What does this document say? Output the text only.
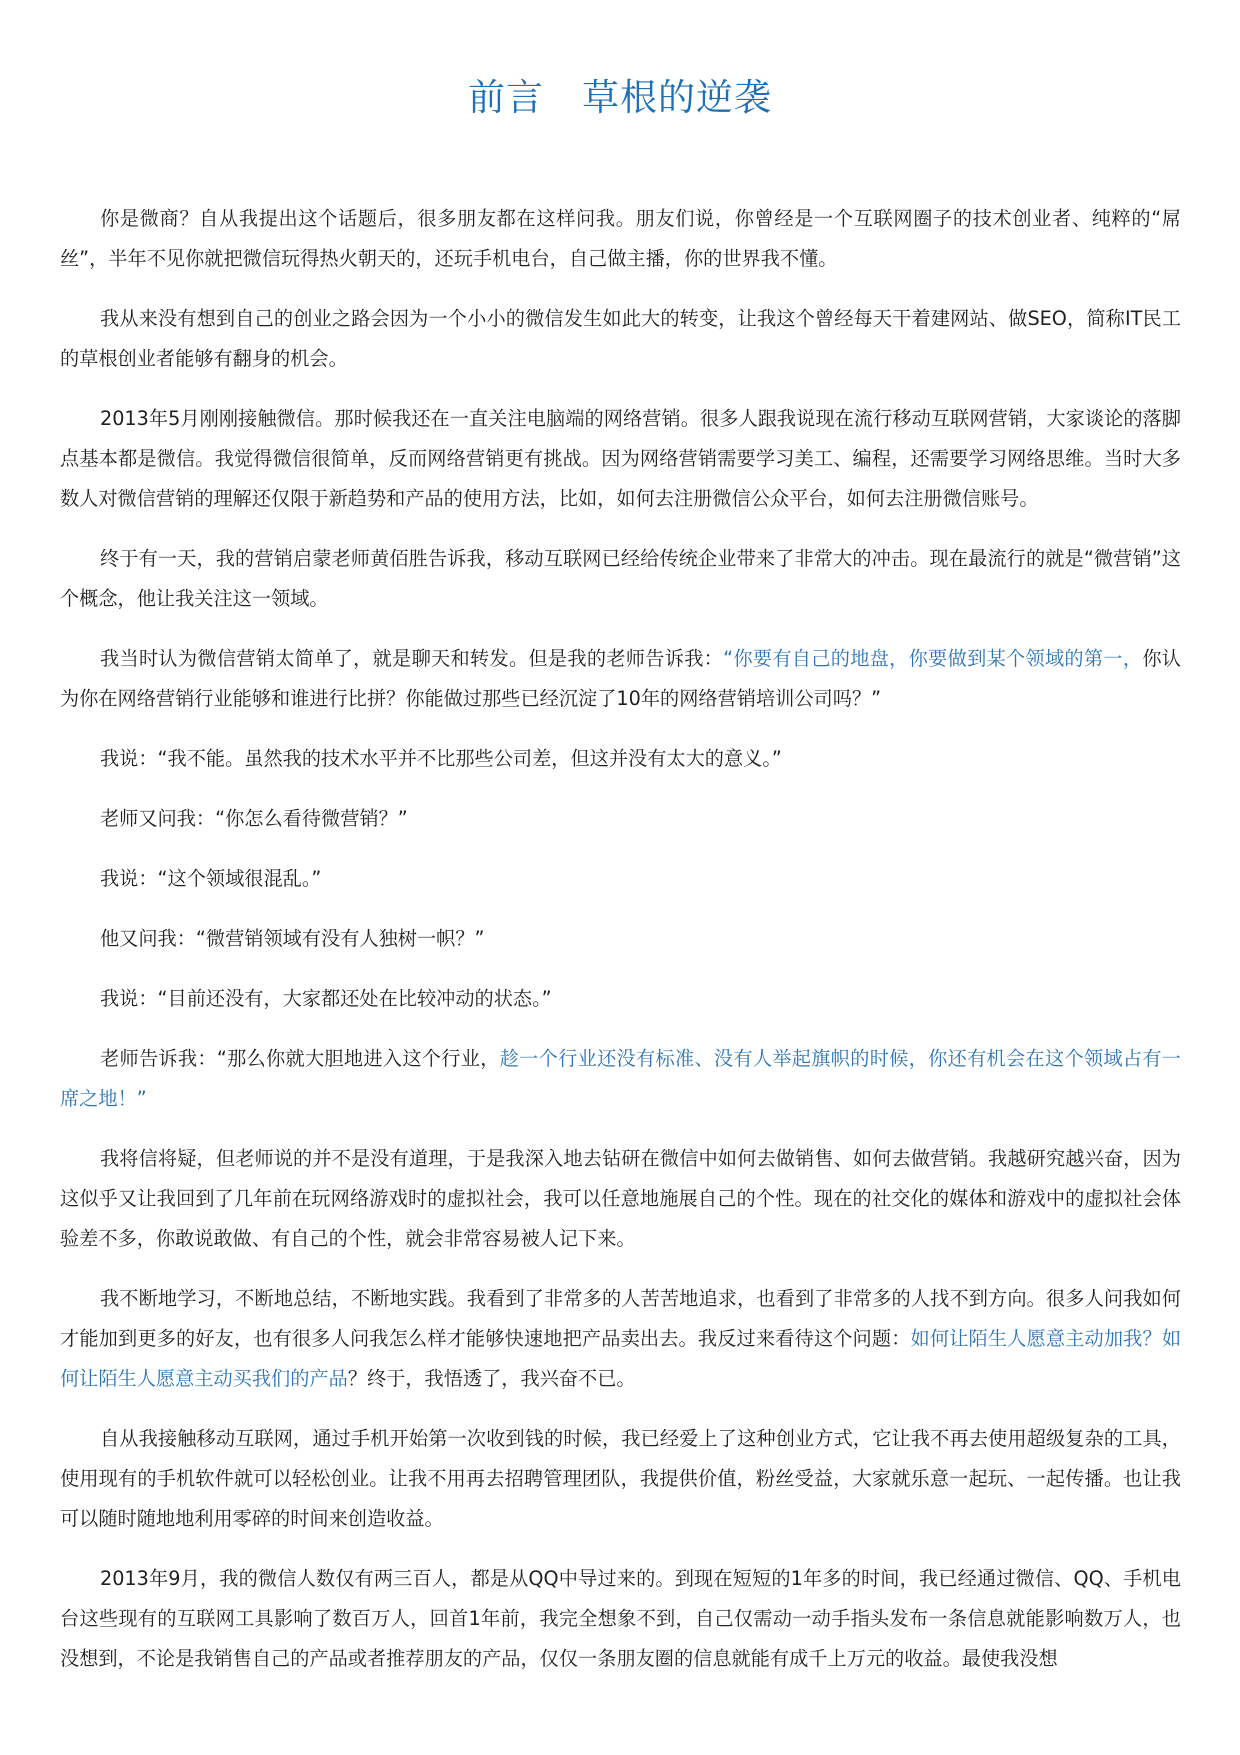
前言　草根的逆袭

你是微商？自从我提出这个话题后，很多朋友都在这样问我。朋友们说，你曾经是一个互联网圈子的技术创业者、纯粹的“屌丝”，半年不见你就把微信玩得热火朝天的，还玩手机电台，自己做主播，你的世界我不懂。

我从来没有想到自己的创业之路会因为一个小小的微信发生如此大的转变，让我这个曾经每天干着建网站、做SEO，简称IT民工的草根创业者能够有翻身的机会。

2013年5月刚刚接触微信。那时候我还在一直关注电脑端的网络营销。很多人跟我说现在流行移动互联网营销，大家谈论的落脚点基本都是微信。我觉得微信很简单，反而网络营销更有挑战。因为网络营销需要学习美工、编程，还需要学习网络思维。当时大多数人对微信营销的理解还仅限于新趋势和产品的使用方法，比如，如何去注册微信公众平台，如何去注册微信账号。

终于有一天，我的营销启蒙老师黄佰胜告诉我，移动互联网已经给传统企业带来了非常大的冲击。现在最流行的就是“微营销”这个概念，他让我关注这一领域。

我当时认为微信营销太简单了，就是聊天和转发。但是我的老师告诉我：“你要有自己的地盘，你要做到某个领域的第一，你认为你在网络营销行业能够和谁进行比拼？你能做过那些已经沉淀了10年的网络营销培训公司吗？”

我说：“我不能。虽然我的技术水平并不比那些公司差，但这并没有太大的意义。”

老师又问我：“你怎么看待微营销？”

我说：“这个领域很混乱。”

他又问我：“微营销领域有没有人独树一帜？”

我说：“目前还没有，大家都还处在比较冲动的状态。”

老师告诉我：“那么你就大胆地进入这个行业，趁一个行业还没有标准、没有人举起旗帜的时候，你还有机会在这个领域占有一席之地！”

我将信将疑，但老师说的并不是没有道理，于是我深入地去钻研在微信中如何去做销售、如何去做营销。我越研究越兴奋，因为这似乎又让我回到了几年前在玩网络游戏时的虚拟社会，我可以任意地施展自己的个性。现在的社交化的媒体和游戏中的虚拟社会体验差不多，你敢说敢做、有自己的个性，就会非常容易被人记下来。

我不断地学习，不断地总结，不断地实践。我看到了非常多的人苦苦地追求，也看到了非常多的人找不到方向。很多人问我如何才能加到更多的好友，也有很多人问我怎么样才能够快速地把产品卖出去。我反过来看待这个问题：如何让陌生人愿意主动加我？如何让陌生人愿意主动买我们的产品？终于，我悟透了，我兴奋不已。

自从我接触移动互联网，通过手机开始第一次收到钱的时候，我已经爱上了这种创业方式，它让我不再去使用超级复杂的工具，使用现有的手机软件就可以轻松创业。让我不用再去招聘管理团队，我提供价值，粉丝受益，大家就乐意一起玩、一起传播。也让我可以随时随地地利用零碎的时间来创造收益。

2013年9月，我的微信人数仅有两三百人，都是从QQ中导过来的。到现在短短的1年多的时间，我已经通过微信、QQ、手机电台这些现有的互联网工具影响了数百万人，回首1年前，我完全想象不到，自己仅需动一动手指头发布一条信息就能影响数万人，也没想到，不论是我销售自己的产品或者推荐朋友的产品，仅仅一条朋友圈的信息就能有成千上万元的收益。最使我没想
